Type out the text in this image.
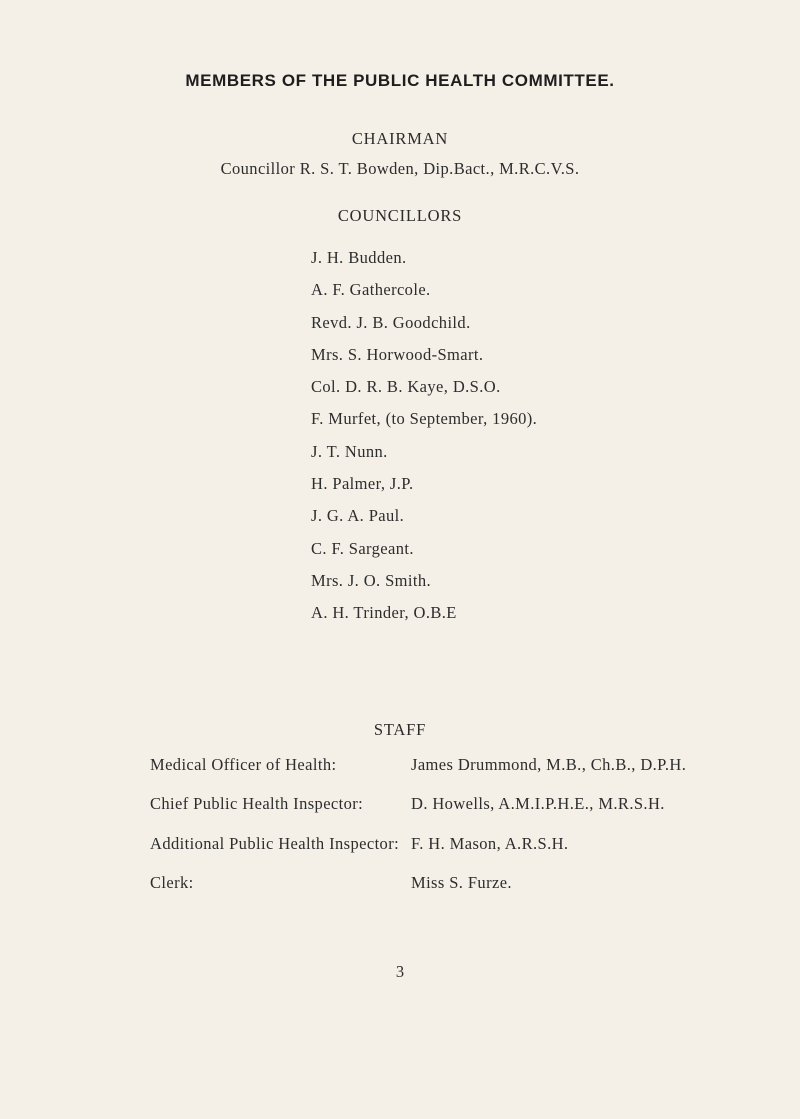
MEMBERS OF THE PUBLIC HEALTH COMMITTEE.
CHAIRMAN
Councillor R. S. T. Bowden, Dip.Bact., M.R.C.V.S.
COUNCILLORS
J. H. Budden.
A. F. Gathercole.
Revd. J. B. Goodchild.
Mrs. S. Horwood-Smart.
Col. D. R. B. Kaye, D.S.O.
F. Murfet, (to September, 1960).
J. T. Nunn.
H. Palmer, J.P.
J. G. A. Paul.
C. F. Sargeant.
Mrs. J. O. Smith.
A. H. Trinder, O.B.E
STAFF
Medical Officer of Health:	James Drummond, M.B., Ch.B., D.P.H.
Chief Public Health Inspector:	D. Howells, A.M.I.P.H.E., M.R.S.H.
Additional Public Health Inspector: F. H. Mason, A.R.S.H.
Clerk:	Miss S. Furze.
3
